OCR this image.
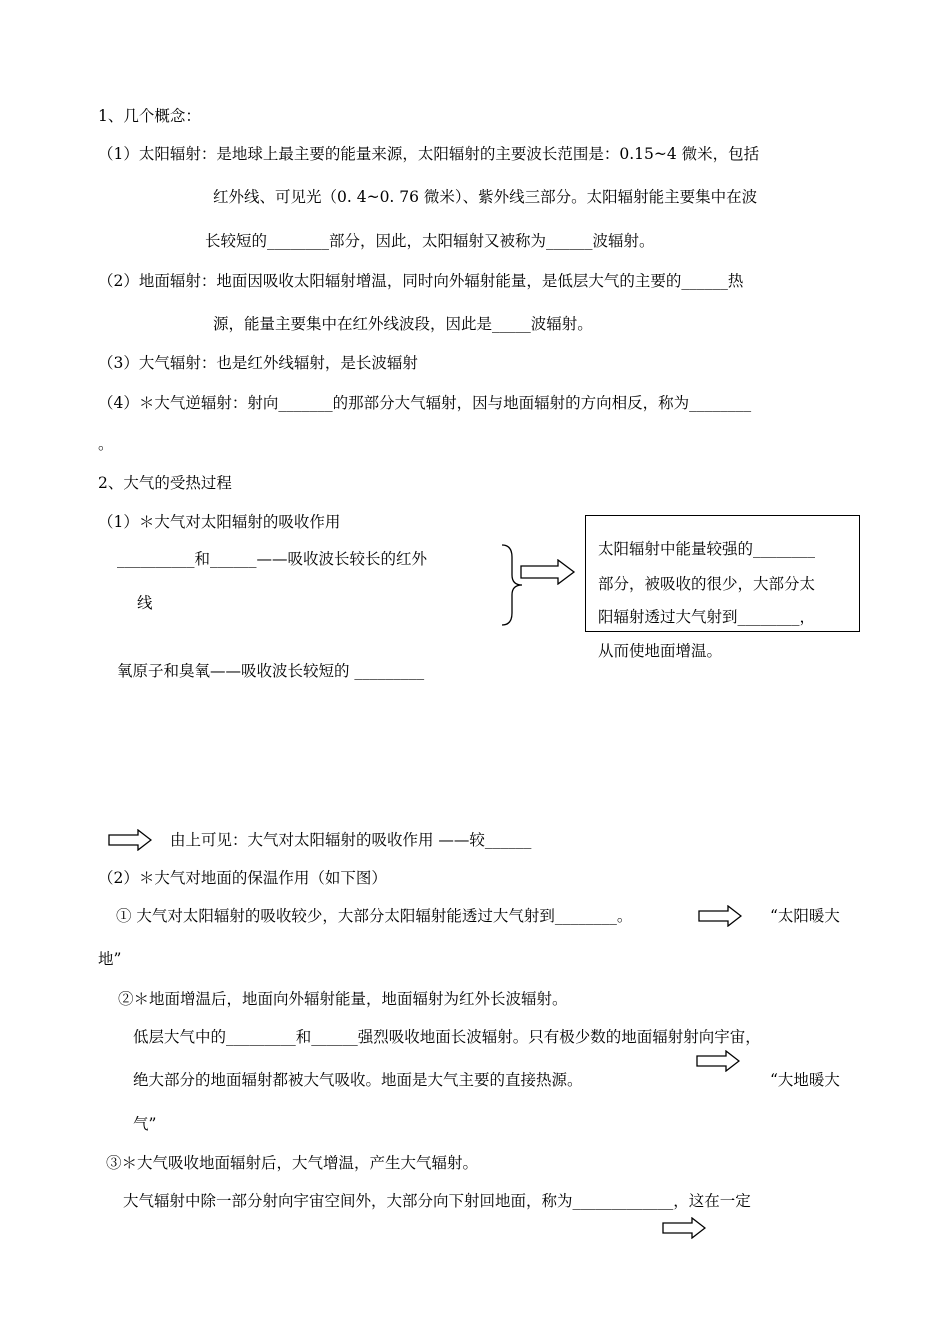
1、几个概念：
（1）太阳辐射：是地球上最主要的能量来源，太阳辐射的主要波长范围是：0.15~4 微米，包括
红外线、可见光（0. 4~0. 76 微米）、紫外线三部分。太阳辐射能主要集中在波
长较短的________部分，因此，太阳辐射又被称为______波辐射。
（2）地面辐射：地面因吸收太阳辐射增温，同时向外辐射能量，是低层大气的主要的______热
源，能量主要集中在红外线波段，因此是_____波辐射。
（3）大气辐射：也是红外线辐射，是长波辐射
（4）＊大气逆辐射：射向_______的那部分大气辐射，因与地面辐射的方向相反，称为________
。
2、大气的受热过程
（1）＊大气对太阳辐射的吸收作用
__________和______——吸收波长较长的红外
线
氧原子和臭氧——吸收波长较短的 _________
太阳辐射中能量较强的________
部分，被吸收的很少，大部分太
阳辐射透过大气射到________，
从而使地面增温。
由上可见：大气对太阳辐射的吸收作用 ——较______
（2）＊大气对地面的保温作用（如下图）
① 大气对太阳辐射的吸收较少，大部分太阳辐射能透过大气射到________。	“太阳暖大
地”
②＊地面增温后，地面向外辐射能量，地面辐射为红外长波辐射。
低层大气中的_________和______强烈吸收地面长波辐射。只有极少数的地面辐射射向宇宙，
绝大部分的地面辐射都被大气吸收。地面是大气主要的直接热源。	“大地暖大
气”
③＊大气吸收地面辐射后，大气增温，产生大气辐射。
大气辐射中除一部分射向宇宙空间外，大部分向下射回地面，称为_____________，这在一定
